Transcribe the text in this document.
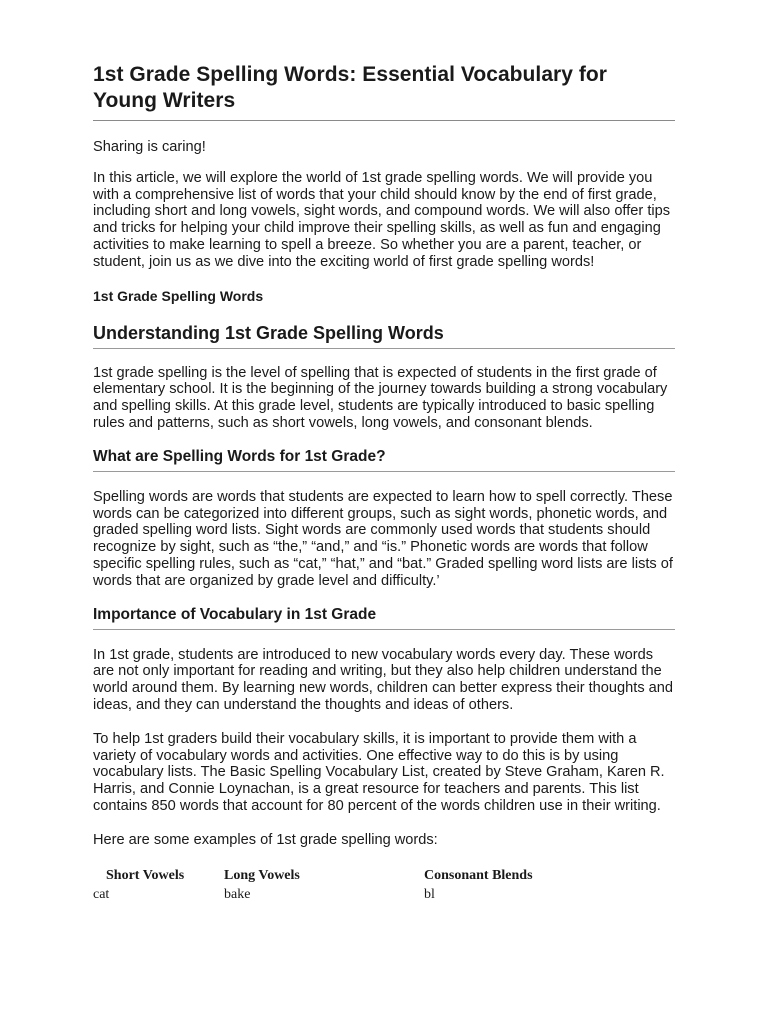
1st Grade Spelling Words: Essential Vocabulary for Young Writers

Sharing is caring!

In this article, we will explore the world of 1st grade spelling words. We will provide you with a comprehensive list of words that your child should know by the end of first grade, including short and long vowels, sight words, and compound words. We will also offer tips and tricks for helping your child improve their spelling skills, as well as fun and engaging activities to make learning to spell a breeze. So whether you are a parent, teacher, or student, join us as we dive into the exciting world of first grade spelling words!

1st Grade Spelling Words

Understanding 1st Grade Spelling Words

1st grade spelling is the level of spelling that is expected of students in the first grade of elementary school. It is the beginning of the journey towards building a strong vocabulary and spelling skills. At this grade level, students are typically introduced to basic spelling rules and patterns, such as short vowels, long vowels, and consonant blends.

What are Spelling Words for 1st Grade?

Spelling words are words that students are expected to learn how to spell correctly. These words can be categorized into different groups, such as sight words, phonetic words, and graded spelling word lists. Sight words are commonly used words that students should recognize by sight, such as “the,” “and,” and “is.” Phonetic words are words that follow specific spelling rules, such as “cat,” “hat,” and “bat.” Graded spelling word lists are lists of words that are organized by grade level and difficulty.’

Importance of Vocabulary in 1st Grade

In 1st grade, students are introduced to new vocabulary words every day. These words are not only important for reading and writing, but they also help children understand the world around them. By learning new words, children can better express their thoughts and ideas, and they can understand the thoughts and ideas of others.

To help 1st graders build their vocabulary skills, it is important to provide them with a variety of vocabulary words and activities. One effective way to do this is by using vocabulary lists. The Basic Spelling Vocabulary List, created by Steve Graham, Karen R. Harris, and Connie Loynachan, is a great resource for teachers and parents. This list contains 850 words that account for 80 percent of the words children use in their writing.

Here are some examples of 1st grade spelling words:

Short Vowels	Long Vowels	Consonant Blends
cat	bake	bl
